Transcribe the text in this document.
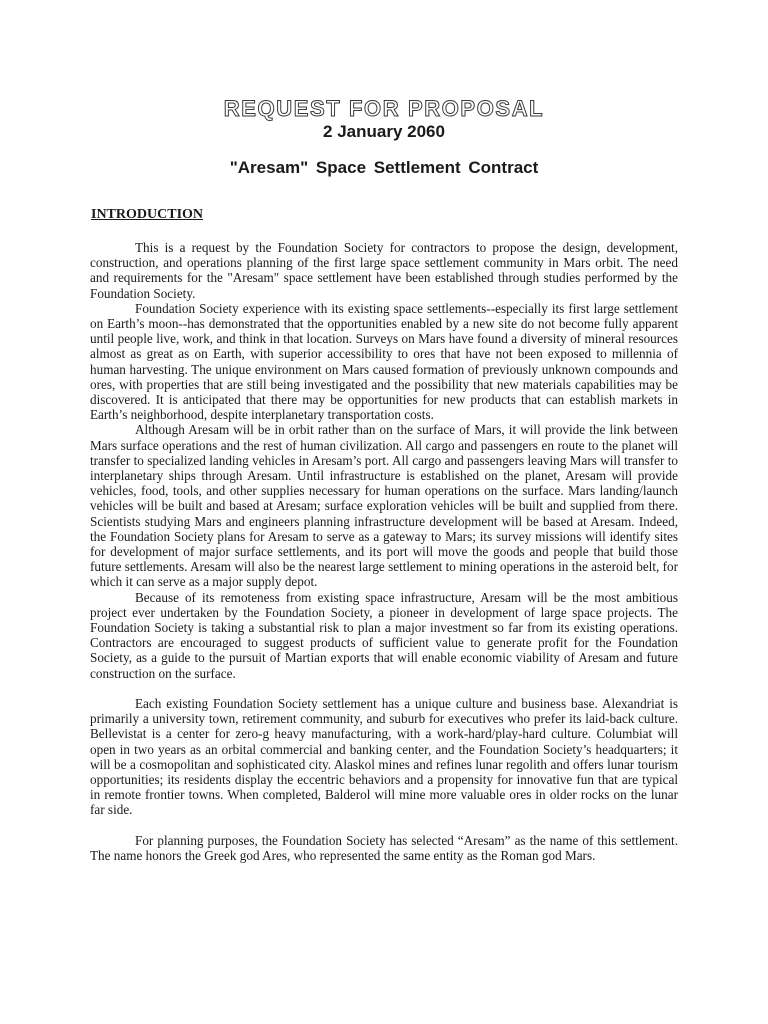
REQUEST FOR PROPOSAL
2 January 2060
"Aresam" Space Settlement Contract
INTRODUCTION

This is a request by the Foundation Society for contractors to propose the design, development, construction, and operations planning of the first large space settlement community in Mars orbit. The need and requirements for the "Aresam" space settlement have been established through studies performed by the Foundation Society.

Foundation Society experience with its existing space settlements--especially its first large settlement on Earth’s moon--has demonstrated that the opportunities enabled by a new site do not become fully apparent until people live, work, and think in that location. Surveys on Mars have found a diversity of mineral resources almost as great as on Earth, with superior accessibility to ores that have not been exposed to millennia of human harvesting. The unique environment on Mars caused formation of previously unknown compounds and ores, with properties that are still being investigated and the possibility that new materials capabilities may be discovered. It is anticipated that there may be opportunities for new products that can establish markets in Earth’s neighborhood, despite interplanetary transportation costs.

Although Aresam will be in orbit rather than on the surface of Mars, it will provide the link between Mars surface operations and the rest of human civilization. All cargo and passengers en route to the planet will transfer to specialized landing vehicles in Aresam’s port. All cargo and passengers leaving Mars will transfer to interplanetary ships through Aresam. Until infrastructure is established on the planet, Aresam will provide vehicles, food, tools, and other supplies necessary for human operations on the surface. Mars landing/launch vehicles will be built and based at Aresam; surface exploration vehicles will be built and supplied from there. Scientists studying Mars and engineers planning infrastructure development will be based at Aresam. Indeed, the Foundation Society plans for Aresam to serve as a gateway to Mars; its survey missions will identify sites for development of major surface settlements, and its port will move the goods and people that build those future settlements. Aresam will also be the nearest large settlement to mining operations in the asteroid belt, for which it can serve as a major supply depot.

Because of its remoteness from existing space infrastructure, Aresam will be the most ambitious project ever undertaken by the Foundation Society, a pioneer in development of large space projects. The Foundation Society is taking a substantial risk to plan a major investment so far from its existing operations. Contractors are encouraged to suggest products of sufficient value to generate profit for the Foundation Society, as a guide to the pursuit of Martian exports that will enable economic viability of Aresam and future construction on the surface.

Each existing Foundation Society settlement has a unique culture and business base. Alexandriat is primarily a university town, retirement community, and suburb for executives who prefer its laid-back culture. Bellevistat is a center for zero-g heavy manufacturing, with a work-hard/play-hard culture. Columbiat will open in two years as an orbital commercial and banking center, and the Foundation Society’s headquarters; it will be a cosmopolitan and sophisticated city. Alaskol mines and refines lunar regolith and offers lunar tourism opportunities; its residents display the eccentric behaviors and a propensity for innovative fun that are typical in remote frontier towns. When completed, Balderol will mine more valuable ores in older rocks on the lunar far side.

For planning purposes, the Foundation Society has selected “Aresam” as the name of this settlement. The name honors the Greek god Ares, who represented the same entity as the Roman god Mars.
